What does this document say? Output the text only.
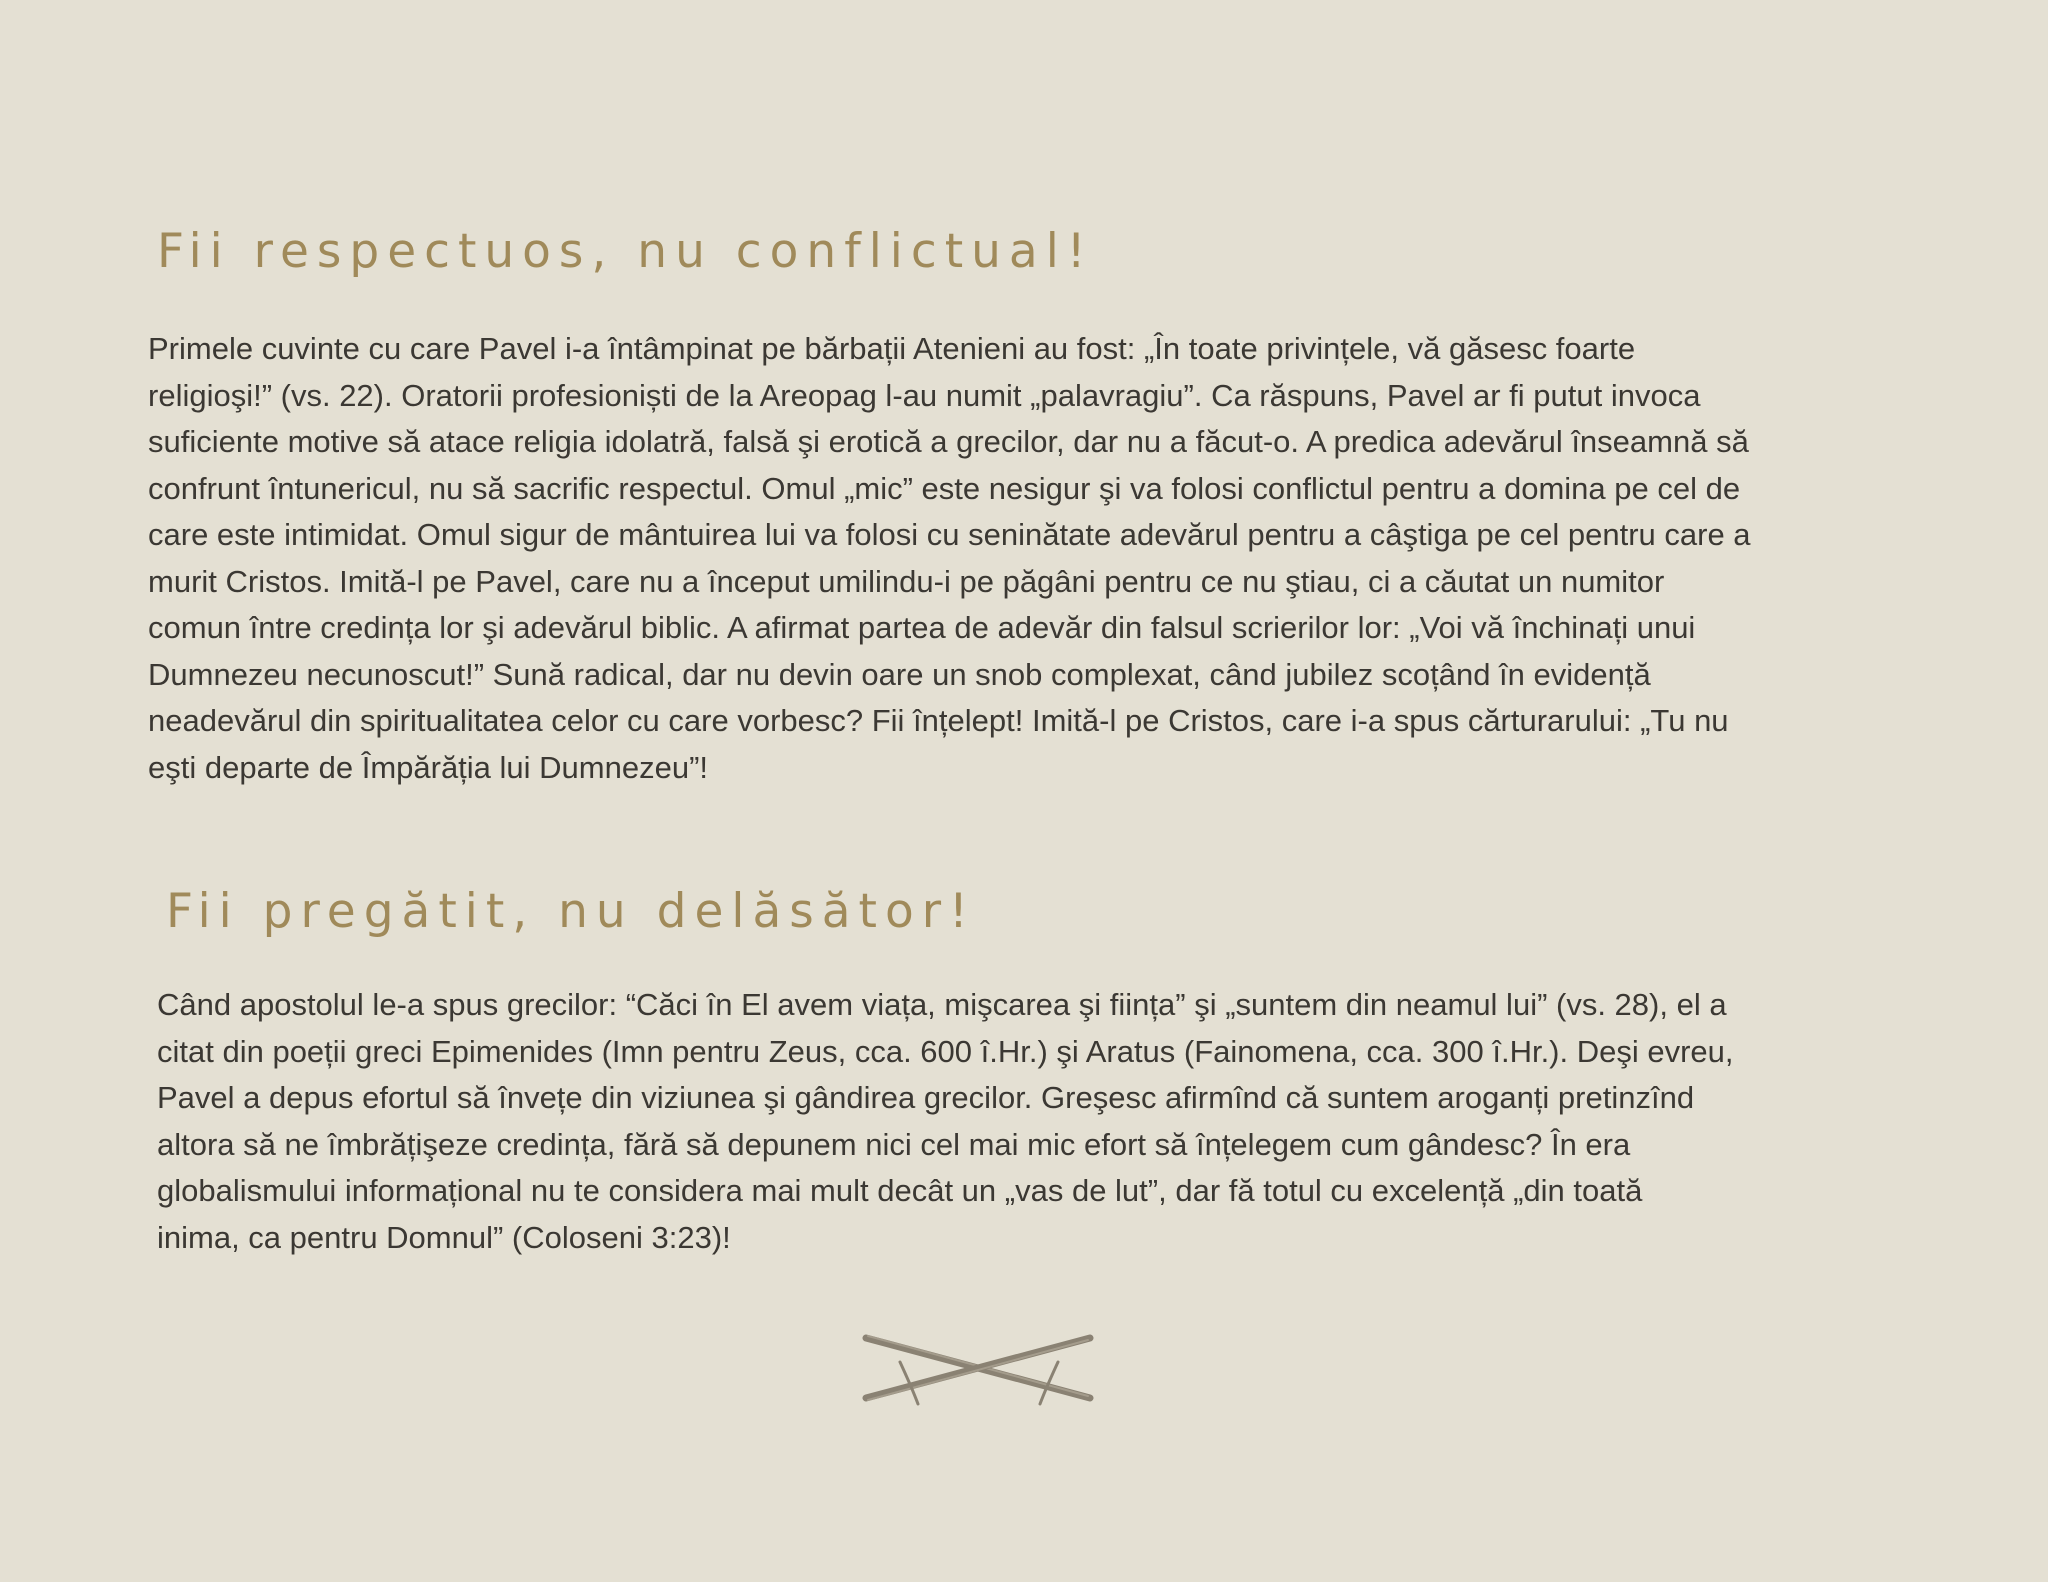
Fii respectuos, nu conflictual!

Primele cuvinte cu care Pavel i-a întâmpinat pe bărbații Atenieni au fost: „În toate privințele, vă găsesc foarte
religioşi!” (vs. 22). Oratorii profesioniști de la Areopag l-au numit „palavragiu”. Ca răspuns, Pavel ar fi putut invoca
suficiente motive să atace religia idolatră, falsă şi erotică a grecilor, dar nu a făcut-o. A predica adevărul înseamnă să
confrunt întunericul, nu să sacrific respectul. Omul „mic” este nesigur şi va folosi conflictul pentru a domina pe cel de
care este intimidat. Omul sigur de mântuirea lui va folosi cu seninătate adevărul pentru a câştiga pe cel pentru care a
murit Cristos. Imită-l pe Pavel, care nu a început umilindu-i pe păgâni pentru ce nu ştiau, ci a căutat un numitor
comun între credința lor şi adevărul biblic. A afirmat partea de adevăr din falsul scrierilor lor: „Voi vă închinați unui
Dumnezeu necunoscut!” Sună radical, dar nu devin oare un snob complexat, când jubilez scoțând în evidență
neadevărul din spiritualitatea celor cu care vorbesc? Fii înțelept! Imită-l pe Cristos, care i-a spus cărturarului: „Tu nu
eşti departe de Împărăția lui Dumnezeu”!

Fii pregătit, nu delăsător!

Când apostolul le-a spus grecilor: “Căci în El avem viața, mişcarea şi ființa” şi „suntem din neamul lui” (vs. 28), el a
citat din poeții greci Epimenides (Imn pentru Zeus, cca. 600 î.Hr.) şi Aratus (Fainomena, cca. 300 î.Hr.). Deşi evreu,
Pavel a depus efortul să învețe din viziunea şi gândirea grecilor. Greşesc afirmînd că suntem aroganți pretinzînd
altora să ne îmbrățişeze credința, fără să depunem nici cel mai mic efort să înțelegem cum gândesc? În era
globalismului informațional nu te considera mai mult decât un „vas de lut”, dar fă totul cu excelență „din toată
inima, ca pentru Domnul” (Coloseni 3:23)!
